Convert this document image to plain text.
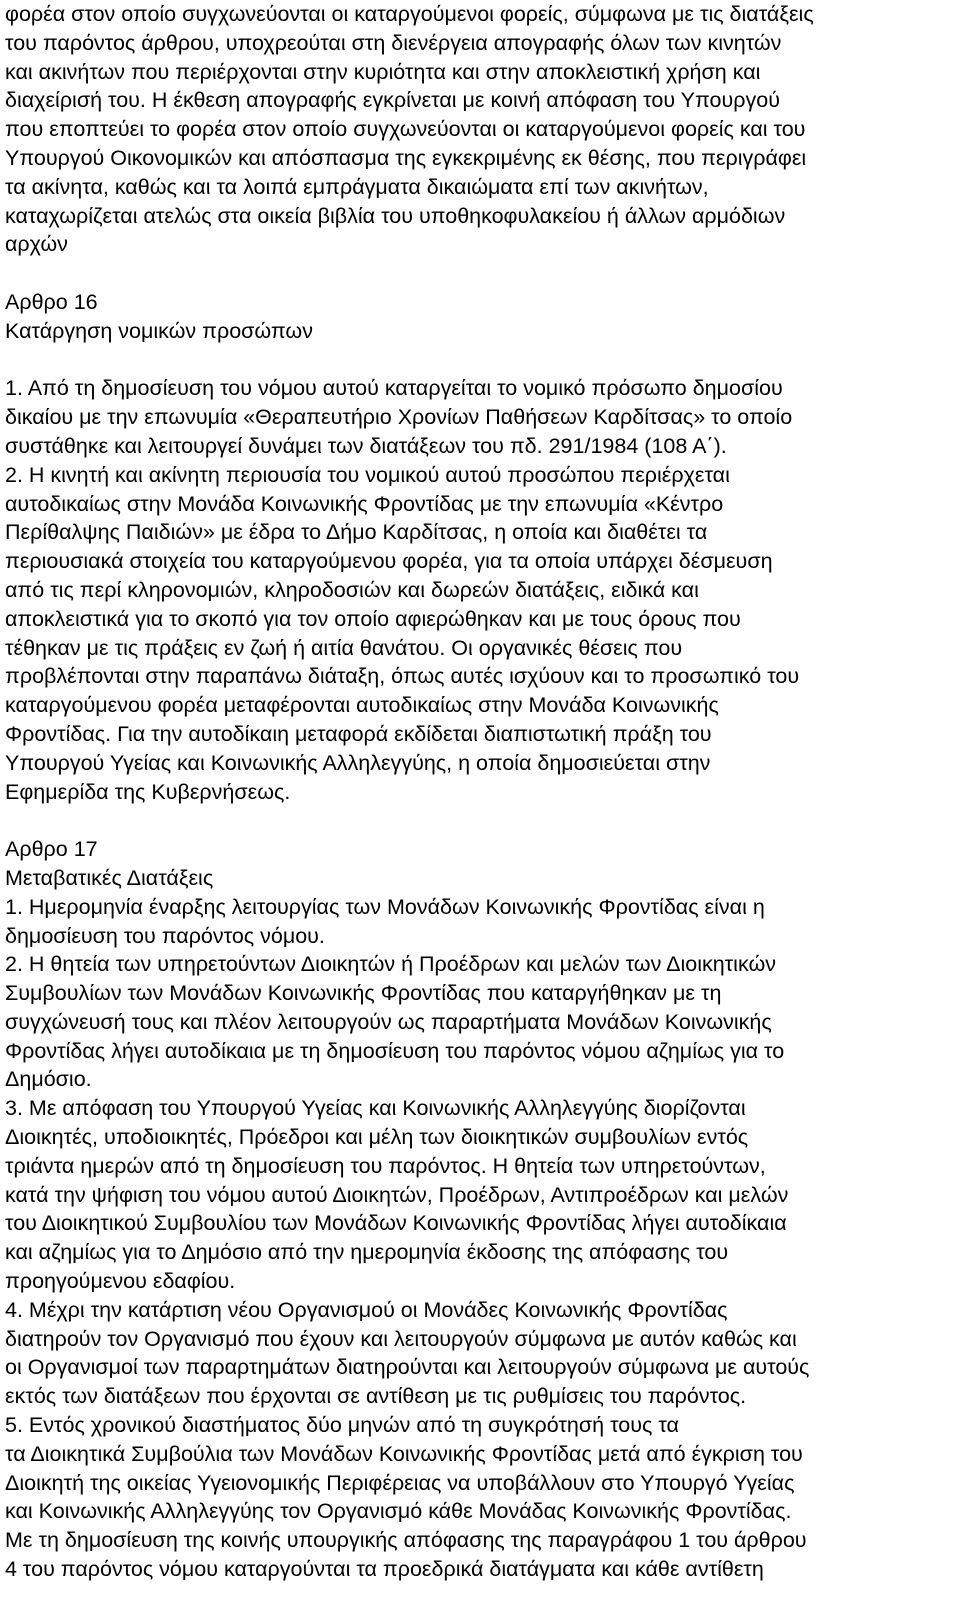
φορέα στον οποίο συγχωνεύονται οι καταργούμενοι φορείς, σύμφωνα με τις διατάξεις
του παρόντος άρθρου, υποχρεούται στη διενέργεια απογραφής όλων των κινητών
και ακινήτων που περιέρχονται στην κυριότητα και στην αποκλειστική χρήση και
διαχείρισή του. Η έκθεση απογραφής εγκρίνεται με κοινή απόφαση του Υπουργού
που εποπτεύει το φορέα στον οποίο συγχωνεύονται οι καταργούμενοι φορείς και του
Υπουργού Οικονομικών και απόσπασμα της εγκεκριμένης εκ θέσης, που περιγράφει
τα ακίνητα, καθώς και τα λοιπά εμπράγματα δικαιώματα επί των ακινήτων,
καταχωρίζεται ατελώς στα οικεία βιβλία του υποθηκοφυλακείου ή άλλων αρμόδιων
αρχών
Αρθρο 16
Κατάργηση νομικών προσώπων
1. Από τη δημοσίευση του νόμου αυτού καταργείται το νομικό πρόσωπο δημοσίου
δικαίου με την επωνυμία «Θεραπευτήριο Χρονίων Παθήσεων Καρδίτσας» το οποίο
συστάθηκε και λειτουργεί δυνάμει των διατάξεων του πδ. 291/1984 (108 Α΄).
2. Η κινητή και ακίνητη περιουσία του νομικού αυτού προσώπου περιέρχεται
αυτοδικαίως στην Μονάδα Κοινωνικής Φροντίδας με την επωνυμία «Κέντρο
Περίθαλψης Παιδιών» με έδρα το Δήμο Καρδίτσας, η οποία και διαθέτει τα
περιουσιακά στοιχεία του καταργούμενου φορέα, για τα οποία υπάρχει δέσμευση
από τις περί κληρονομιών, κληροδοσιών και δωρεών διατάξεις, ειδικά και
αποκλειστικά για το σκοπό για τον οποίο αφιερώθηκαν και με τους όρους που
τέθηκαν με τις πράξεις εν ζωή ή αιτία θανάτου. Οι οργανικές θέσεις που
προβλέπονται στην παραπάνω διάταξη, όπως αυτές ισχύουν και το προσωπικό του
καταργούμενου φορέα μεταφέρονται αυτοδικαίως στην Μονάδα Κοινωνικής
Φροντίδας. Για την αυτοδίκαιη μεταφορά εκδίδεται διαπιστωτική πράξη του
Υπουργού Υγείας και Κοινωνικής Αλληλεγγύης, η οποία δημοσιεύεται στην
Εφημερίδα της Κυβερνήσεως.
Αρθρο 17
Μεταβατικές Διατάξεις
1. Ημερομηνία έναρξης λειτουργίας των Μονάδων Κοινωνικής Φροντίδας είναι η
δημοσίευση του παρόντος νόμου.
2. Η θητεία των υπηρετούντων Διοικητών ή Προέδρων και μελών των Διοικητικών
Συμβουλίων των Μονάδων Κοινωνικής Φροντίδας που καταργήθηκαν με τη
συγχώνευσή τους και πλέον λειτουργούν ως παραρτήματα Μονάδων Κοινωνικής
Φροντίδας λήγει αυτοδίκαια με τη δημοσίευση του παρόντος νόμου αζημίως για το
Δημόσιο.
3. Με απόφαση του Υπουργού Υγείας και Κοινωνικής Αλληλεγγύης διορίζονται
Διοικητές, υποδιοικητές, Πρόεδροι και μέλη των διοικητικών συμβουλίων εντός
τριάντα ημερών από τη δημοσίευση του παρόντος. Η θητεία των υπηρετούντων,
κατά την ψήφιση του νόμου αυτού Διοικητών, Προέδρων, Αντιπροέδρων και μελών
του Διοικητικού Συμβουλίου των Μονάδων Κοινωνικής Φροντίδας λήγει αυτοδίκαια
και αζημίως για το Δημόσιο από την ημερομηνία έκδοσης της απόφασης του
προηγούμενου εδαφίου.
4. Μέχρι την κατάρτιση νέου Οργανισμού οι Μονάδες Κοινωνικής Φροντίδας
διατηρούν τον Οργανισμό που έχουν και λειτουργούν σύμφωνα με αυτόν καθώς και
οι Οργανισμοί των παραρτημάτων διατηρούνται και λειτουργούν σύμφωνα με αυτούς
εκτός των διατάξεων που έρχονται σε αντίθεση με τις ρυθμίσεις του παρόντος.
5. Εντός χρονικού διαστήματος δύο μηνών από τη συγκρότησή τους τα
τα Διοικητικά Συμβούλια των Μονάδων Κοινωνικής Φροντίδας μετά από έγκριση του
Διοικητή της οικείας Υγειονομικής Περιφέρειας να υποβάλλουν στο Υπουργό Υγείας
και Κοινωνικής Αλληλεγγύης τον Οργανισμό κάθε Μονάδας Κοινωνικής Φροντίδας.
Με τη δημοσίευση της κοινής υπουργικής απόφασης της παραγράφου 1 του άρθρου
4 του παρόντος νόμου καταργούνται τα προεδρικά διατάγματα και κάθε αντίθετη
